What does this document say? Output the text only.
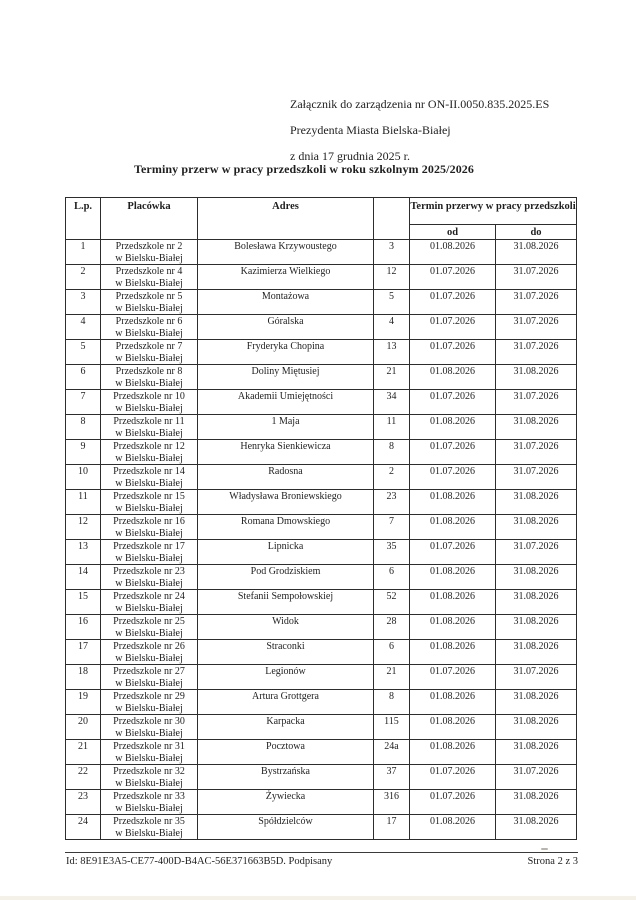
Załącznik do zarządzenia nr ON-II.0050.835.2025.ES
Prezydenta Miasta Bielska-Białej
z dnia 17 grudnia 2025 r.
Terminy przerw w pracy przedszkoli w roku szkolnym 2025/2026
L.p.	Placówka	Adres		Termin przerwy w pracy przedszkoli	
				od	do
1	Przedszkole nr 2
w Bielsku-Białej	Bolesława Krzywoustego	3	01.08.2026	31.08.2026
2	Przedszkole nr 4
w Bielsku-Białej	Kazimierza Wielkiego	12	01.07.2026	31.07.2026
3	Przedszkole nr 5
w Bielsku-Białej	Montażowa	5	01.07.2026	31.07.2026
4	Przedszkole nr 6
w Bielsku-Białej	Góralska	4	01.07.2026	31.07.2026
5	Przedszkole nr 7
w Bielsku-Białej	Fryderyka Chopina	13	01.07.2026	31.07.2026
6	Przedszkole nr 8
w Bielsku-Białej	Doliny Miętusiej	21	01.08.2026	31.08.2026
7	Przedszkole nr 10
w Bielsku-Białej	Akademii Umiejętności	34	01.07.2026	31.07.2026
8	Przedszkole nr 11
w Bielsku-Białej	1 Maja	11	01.08.2026	31.08.2026
9	Przedszkole nr 12
w Bielsku-Białej	Henryka Sienkiewicza	8	01.07.2026	31.07.2026
10	Przedszkole nr 14
w Bielsku-Białej	Radosna	2	01.07.2026	31.07.2026
11	Przedszkole nr 15
w Bielsku-Białej	Władysława Broniewskiego	23	01.08.2026	31.08.2026
12	Przedszkole nr 16
w Bielsku-Białej	Romana Dmowskiego	7	01.08.2026	31.08.2026
13	Przedszkole nr 17
w Bielsku-Białej	Lipnicka	35	01.07.2026	31.07.2026
14	Przedszkole nr 23
w Bielsku-Białej	Pod Grodziskiem	6	01.08.2026	31.08.2026
15	Przedszkole nr 24
w Bielsku-Białej	Stefanii Sempołowskiej	52	01.08.2026	31.08.2026
16	Przedszkole nr 25
w Bielsku-Białej	Widok	28	01.08.2026	31.08.2026
17	Przedszkole nr 26
w Bielsku-Białej	Straconki	6	01.08.2026	31.08.2026
18	Przedszkole nr 27
w Bielsku-Białej	Legionów	21	01.07.2026	31.07.2026
19	Przedszkole nr 29
w Bielsku-Białej	Artura Grottgera	8	01.08.2026	31.08.2026
20	Przedszkole nr 30
w Bielsku-Białej	Karpacka	115	01.08.2026	31.08.2026
21	Przedszkole nr 31
w Bielsku-Białej	Pocztowa	24a	01.08.2026	31.08.2026
22	Przedszkole nr 32
w Bielsku-Białej	Bystrzańska	37	01.07.2026	31.07.2026
23	Przedszkole nr 33
w Bielsku-Białej	Żywiecka	316	01.07.2026	31.08.2026
24	Przedszkole nr 35
w Bielsku-Białej	Spółdzielców	17	01.08.2026	31.08.2026
Id: 8E91E3A5-CE77-400D-B4AC-56E371663B5D. Podpisany	Strona 2 z 3
